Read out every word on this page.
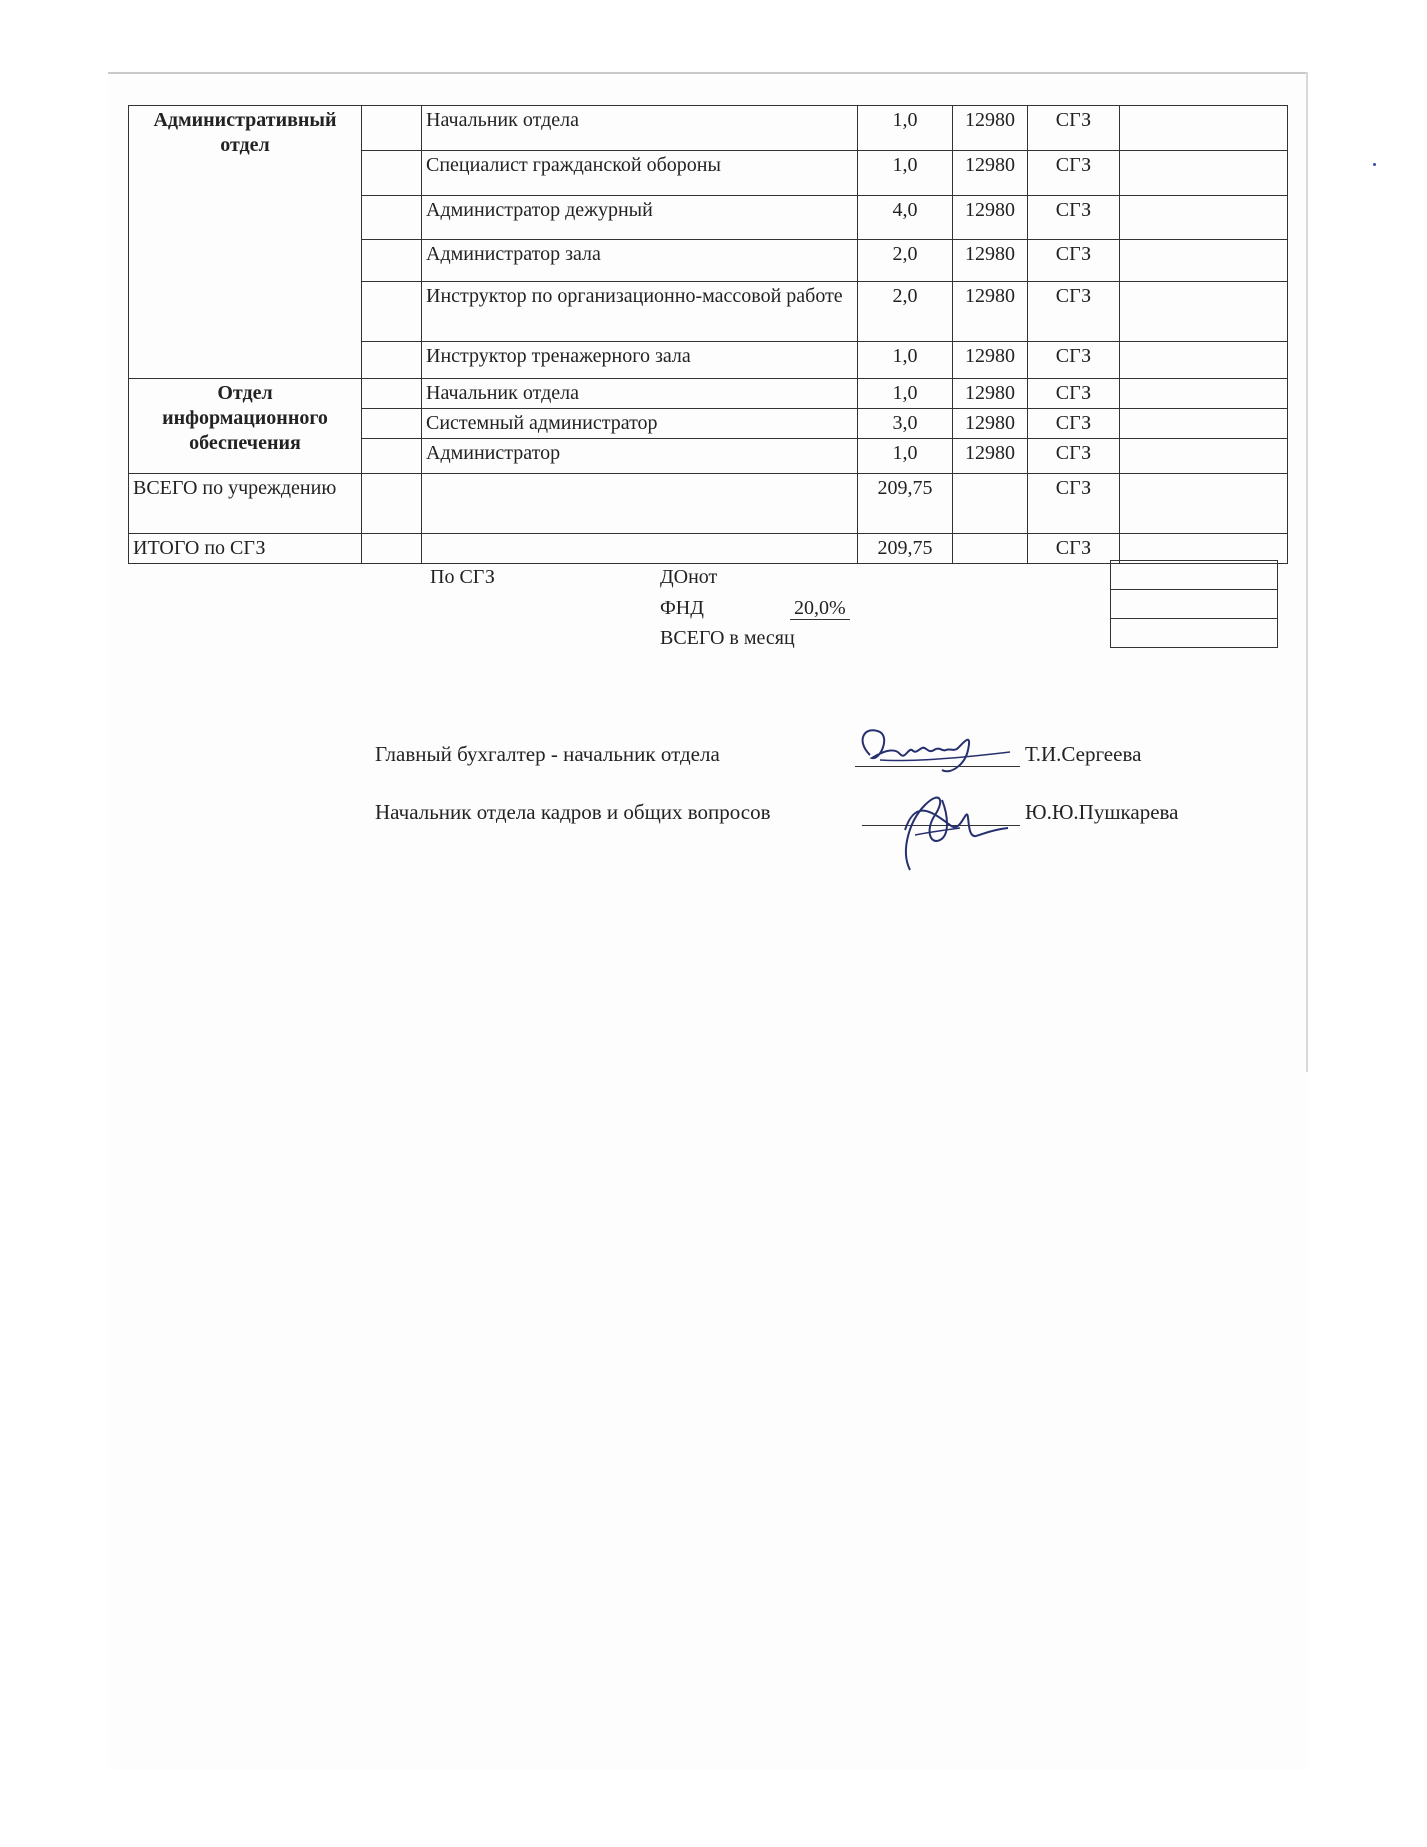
Административный отдел		Начальник отдела	1,0	12980	СГЗ	
		Специалист гражданской обороны	1,0	12980	СГЗ	
		Администратор дежурный	4,0	12980	СГЗ	
		Администратор зала	2,0	12980	СГЗ	
		Инструктор по организационно-массовой работе	2,0	12980	СГЗ	
		Инструктор тренажерного зала	1,0	12980	СГЗ	
Отдел информационного обеспечения		Начальник отдела	1,0	12980	СГЗ	
		Системный администратор	3,0	12980	СГЗ	
		Администратор	1,0	12980	СГЗ	
ВСЕГО по учреждению			209,75		СГЗ	
ИТОГО по СГЗ			209,75		СГЗ	
По СГЗ	ДОнот
ФНД	20,0%
ВСЕГО в месяц

Главный бухгалтер - начальник отдела	Т.И.Сергеева
Начальник отдела кадров и общих вопросов	Ю.Ю.Пушкарева
